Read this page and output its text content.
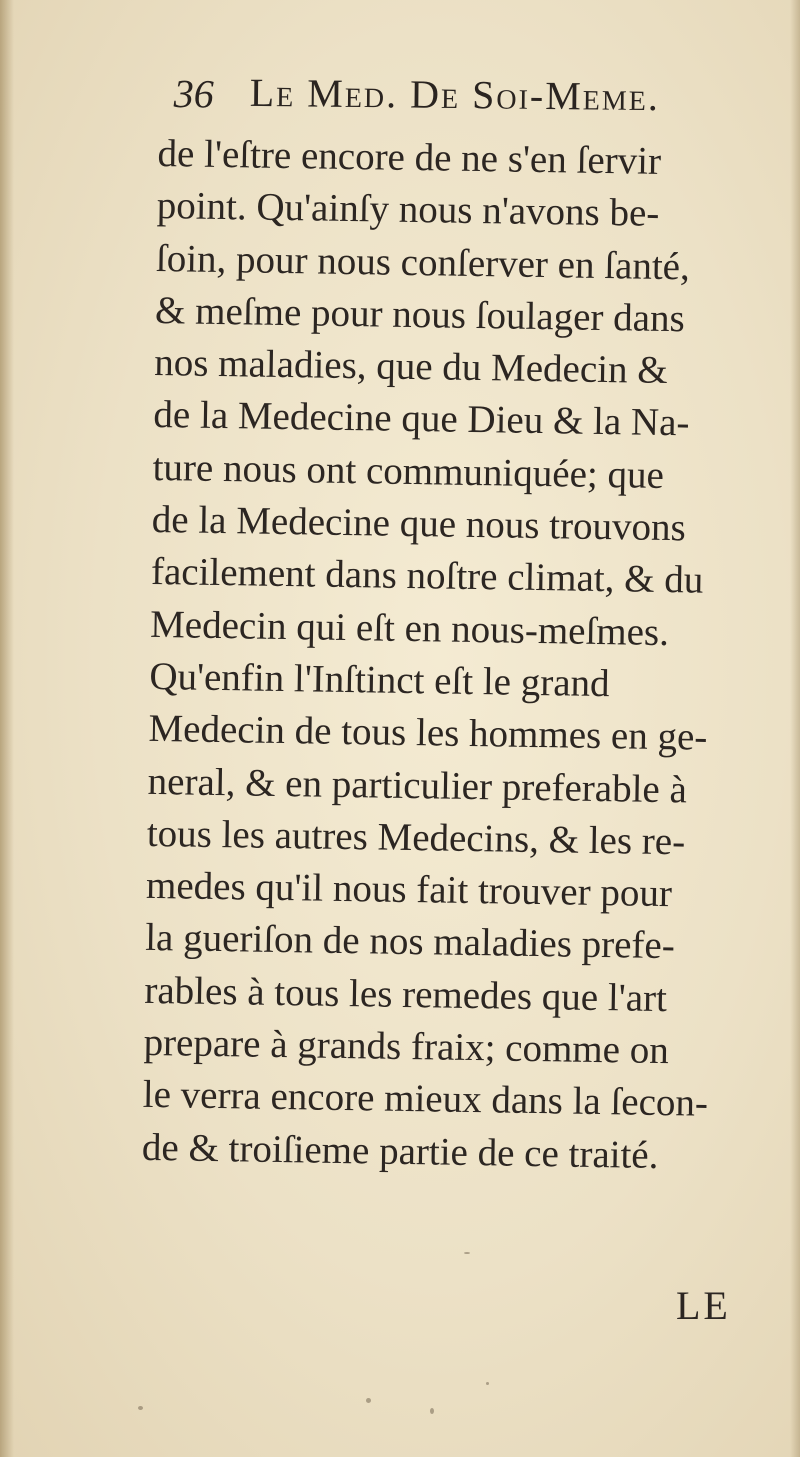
36 Le Med. De Soi-Meme.
de l'eſtre encore de ne s'en ſervir
point. Qu'ainſy nous n'avons be-
ſoin, pour nous conſerver en ſanté,
& meſme pour nous ſoulager dans
nos maladies, que du Medecin &
de la Medecine que Dieu & la Na-
ture nous ont communiquée; que
de la Medecine que nous trouvons
facilement dans noſtre climat, & du
Medecin qui eſt en nous-meſmes.
Qu'enfin l'Inſtinct eſt le grand
Medecin de tous les hommes en ge-
neral, & en particulier preferable à
tous les autres Medecins, & les re-
medes qu'il nous fait trouver pour
la gueriſon de nos maladies prefe-
rables à tous les remedes que l'art
prepare à grands fraix; comme on
le verra encore mieux dans la ſecon-
de & troiſieme partie de ce traité.
LE
